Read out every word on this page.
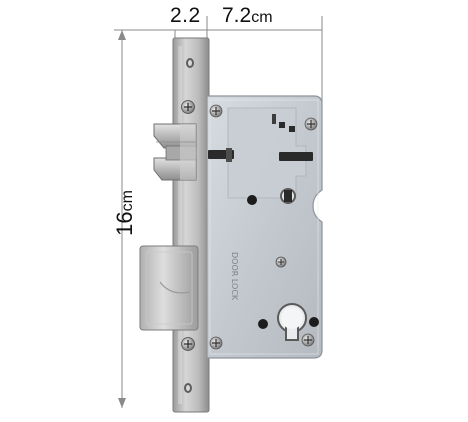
DOOR LOCK
2.2 7.2cm
16cm
